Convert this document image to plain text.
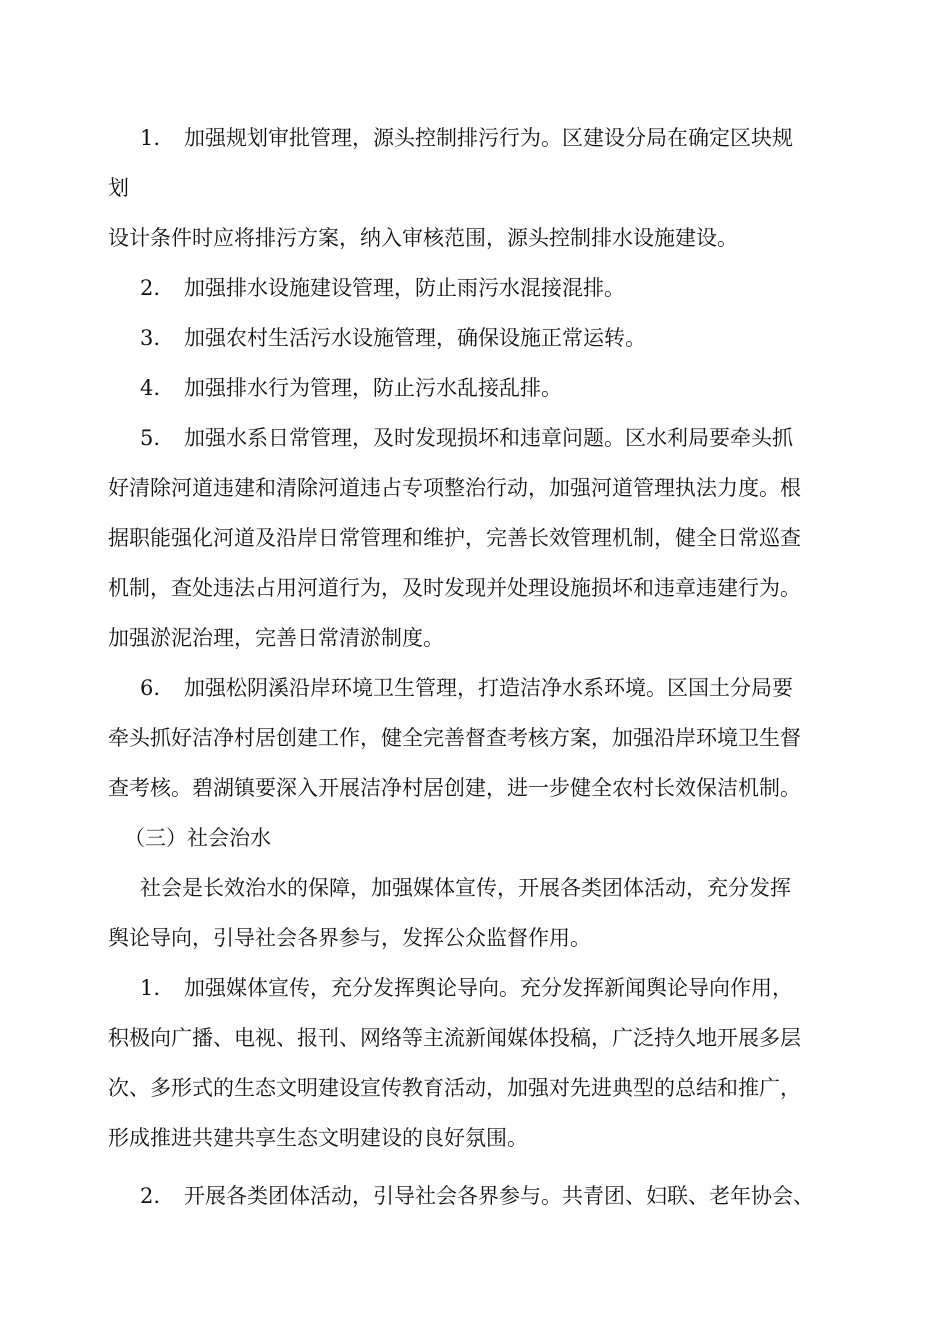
1. 加强规划审批管理，源头控制排污行为。区建设分局在确定区块规
划
设计条件时应将排污方案，纳入审核范围，源头控制排水设施建设。
2. 加强排水设施建设管理，防止雨污水混接混排。
3. 加强农村生活污水设施管理，确保设施正常运转。
4. 加强排水行为管理，防止污水乱接乱排。
5. 加强水系日常管理，及时发现损坏和违章问题。区水利局要牵头抓
好清除河道违建和清除河道违占专项整治行动，加强河道管理执法力度。根
据职能强化河道及沿岸日常管理和维护，完善长效管理机制，健全日常巡查
机制，查处违法占用河道行为，及时发现并处理设施损坏和违章违建行为。
加强淤泥治理，完善日常清淤制度。
6. 加强松阴溪沿岸环境卫生管理，打造洁净水系环境。区国土分局要
牵头抓好洁净村居创建工作，健全完善督查考核方案，加强沿岸环境卫生督
查考核。碧湖镇要深入开展洁净村居创建，进一步健全农村长效保洁机制。
（三）社会治水
社会是长效治水的保障，加强媒体宣传，开展各类团体活动，充分发挥
舆论导向，引导社会各界参与，发挥公众监督作用。
1. 加强媒体宣传，充分发挥舆论导向。充分发挥新闻舆论导向作用，
积极向广播、电视、报刊、网络等主流新闻媒体投稿，广泛持久地开展多层
次、多形式的生态文明建设宣传教育活动，加强对先进典型的总结和推广，
形成推进共建共享生态文明建设的良好氛围。
2. 开展各类团体活动，引导社会各界参与。共青团、妇联、老年协会、
